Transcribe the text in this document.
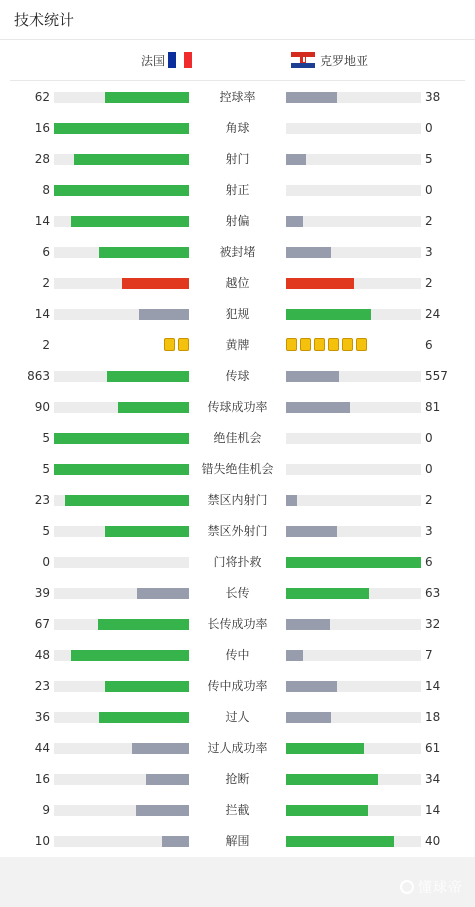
技术统计
法国	克罗地亚
62	控球率	38
16	角球	0
28	射门	5
8	射正	0
14	射偏	2
6	被封堵	3
2	越位	2
14	犯规	24
2	黄牌	6
863	传球	557
90	传球成功率	81
5	绝佳机会	0
5	错失绝佳机会	0
23	禁区内射门	2
5	禁区外射门	3
0	门将扑救	6
39	长传	63
67	长传成功率	32
48	传中	7
23	传中成功率	14
36	过人	18
44	过人成功率	61
16	抢断	34
9	拦截	14
10	解围	40
懂球帝
